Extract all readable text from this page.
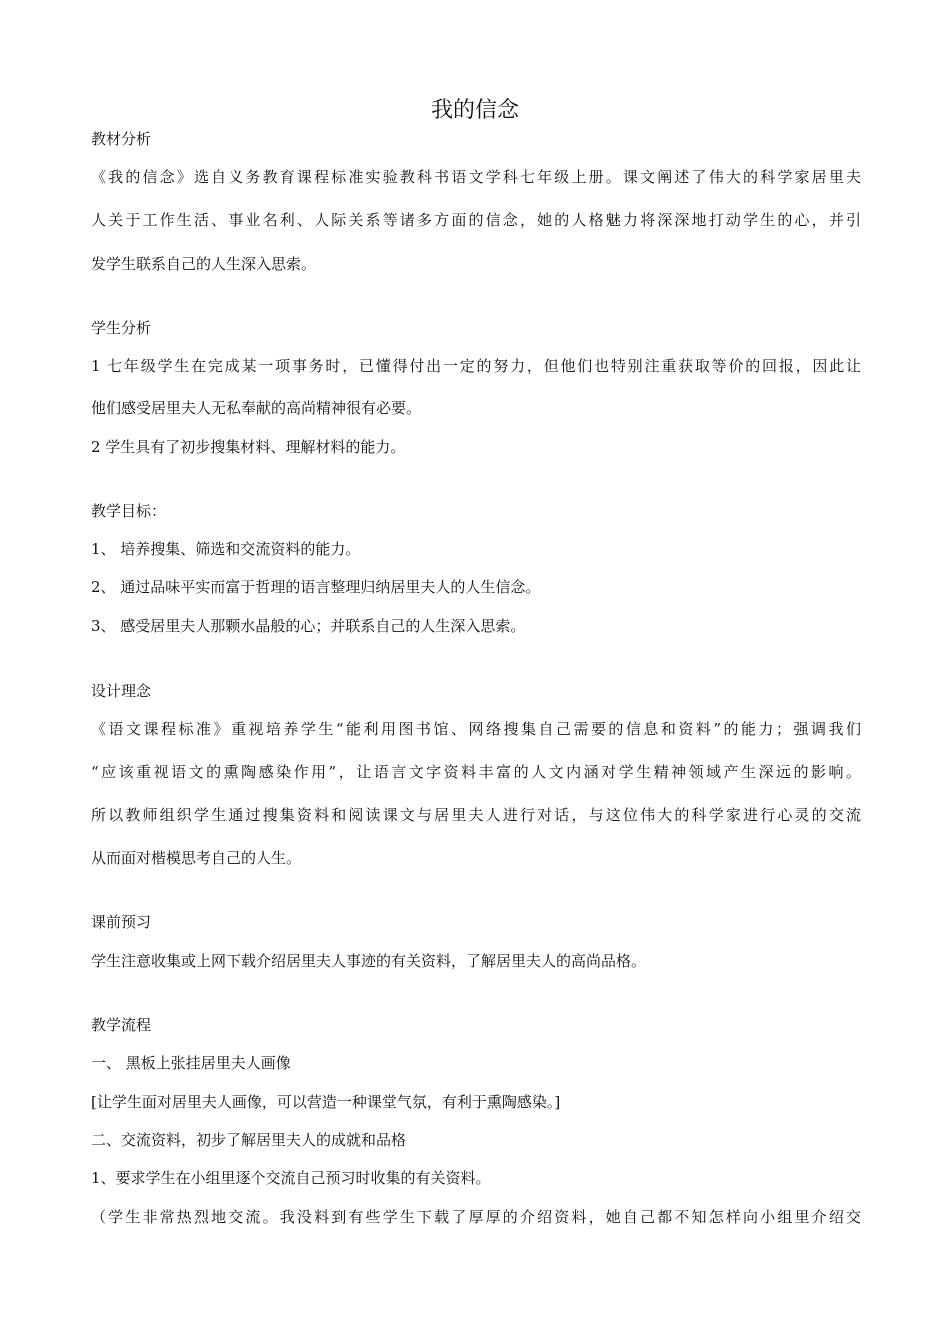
我的信念
教材分析
《我的信念》选自义务教育课程标准实验教科书语文学科七年级上册。课文阐述了伟大的科学家居里夫
人关于工作生活、事业名利、人际关系等诸多方面的信念，她的人格魅力将深深地打动学生的心，并引
发学生联系自己的人生深入思索。
学生分析
1 七年级学生在完成某一项事务时，已懂得付出一定的努力，但他们也特别注重获取等价的回报，因此让
他们感受居里夫人无私奉献的高尚精神很有必要。
2 学生具有了初步搜集材料、理解材料的能力。
教学目标：
1、 培养搜集、筛选和交流资料的能力。
2、 通过品味平实而富于哲理的语言整理归纳居里夫人的人生信念。
3、 感受居里夫人那颗水晶般的心；并联系自己的人生深入思索。
设计理念
《语文课程标准》重视培养学生“能利用图书馆、网络搜集自己需要的信息和资料”的能力；强调我们
“应该重视语文的熏陶感染作用”，让语言文字资料丰富的人文内涵对学生精神领域产生深远的影响。
所以教师组织学生通过搜集资料和阅读课文与居里夫人进行对话，与这位伟大的科学家进行心灵的交流
从而面对楷模思考自己的人生。
课前预习
学生注意收集或上网下载介绍居里夫人事迹的有关资料，了解居里夫人的高尚品格。
教学流程
一、 黑板上张挂居里夫人画像
[让学生面对居里夫人画像，可以营造一种课堂气氛，有利于熏陶感染。]
二、交流资料，初步了解居里夫人的成就和品格
1、要求学生在小组里逐个交流自己预习时收集的有关资料。
（学生非常热烈地交流。我没料到有些学生下载了厚厚的介绍资料，她自己都不知怎样向小组里介绍交
